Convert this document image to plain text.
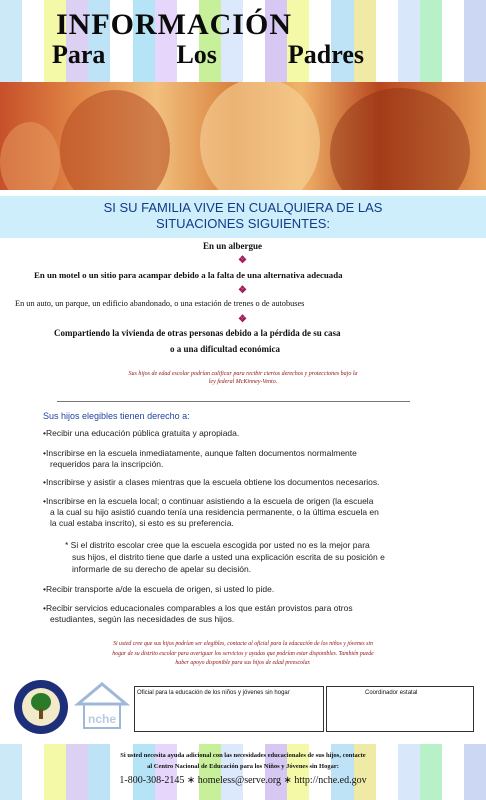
INFORMACIÓN
Para	Los	Padres
SI SU FAMILIA VIVE EN CUALQUIERA DE LAS
SITUACIONES SIGUIENTES:
En un albergue
❖
En un motel o un sitio para acampar debido a la falta de una alternativa adecuada
❖
En un auto, un parque, un edificio abandonado, o una estación de trenes o de autobuses
❖
Compartiendo la vivienda de otras personas debido a la pérdida de su casa
o a una dificultad económica
Sus hijos de edad escolar podrían calificar para recibir ciertos derechos y protecciones bajo la
ley federal McKinney-Vento.
Sus hijos elegibles tienen derecho a:
•Recibir una educación pública gratuita y apropiada.
•Inscribirse en la escuela inmediatamente, aunque falten documentos normalmente
requeridos para la inscripción.
•Inscribirse y asistir a clases mientras que la escuela obtiene los documentos necesarios.
•Inscribirse en la escuela local; o continuar asistiendo a la escuela de origen (la escuela
a la cual su hijo asistió cuando tenía una residencia permanente, o la última escuela en
la cual estaba inscrito), si esto es su preferencia.
* Si el distrito escolar cree que la escuela escogida por usted no es la mejor para
sus hijos, el distrito tiene que darle a usted una explicación escrita de su posición e
informarle de su derecho de apelar su decisión.
•Recibir transporte a/de la escuela de origen, si usted lo pide.
•Recibir servicios educacionales comparables a los que están provistos para otros
estudiantes, según las necesidades de sus hijos.
Si usted cree que sus hijos podrían ser elegibles, contacte al oficial para la educación de los niños y jóvenes sin
hogar de su distrito escolar para averiguar los servicios y ayudas que podrían estar disponibles. También puede
haber apoyo disponible para sus hijos de edad preescolar.
nche
Oficial para la educación de los niños y jóvenes sin hogar	Coordinador estatal
Si usted necesita ayuda adicional con las necesidades educacionales de sus hijos, contacte
al Centro Nacional de Educación para los Niños y Jóvenes sin Hogar:
1-800-308-2145 ∗ homeless@serve.org ∗ http://nche.ed.gov
